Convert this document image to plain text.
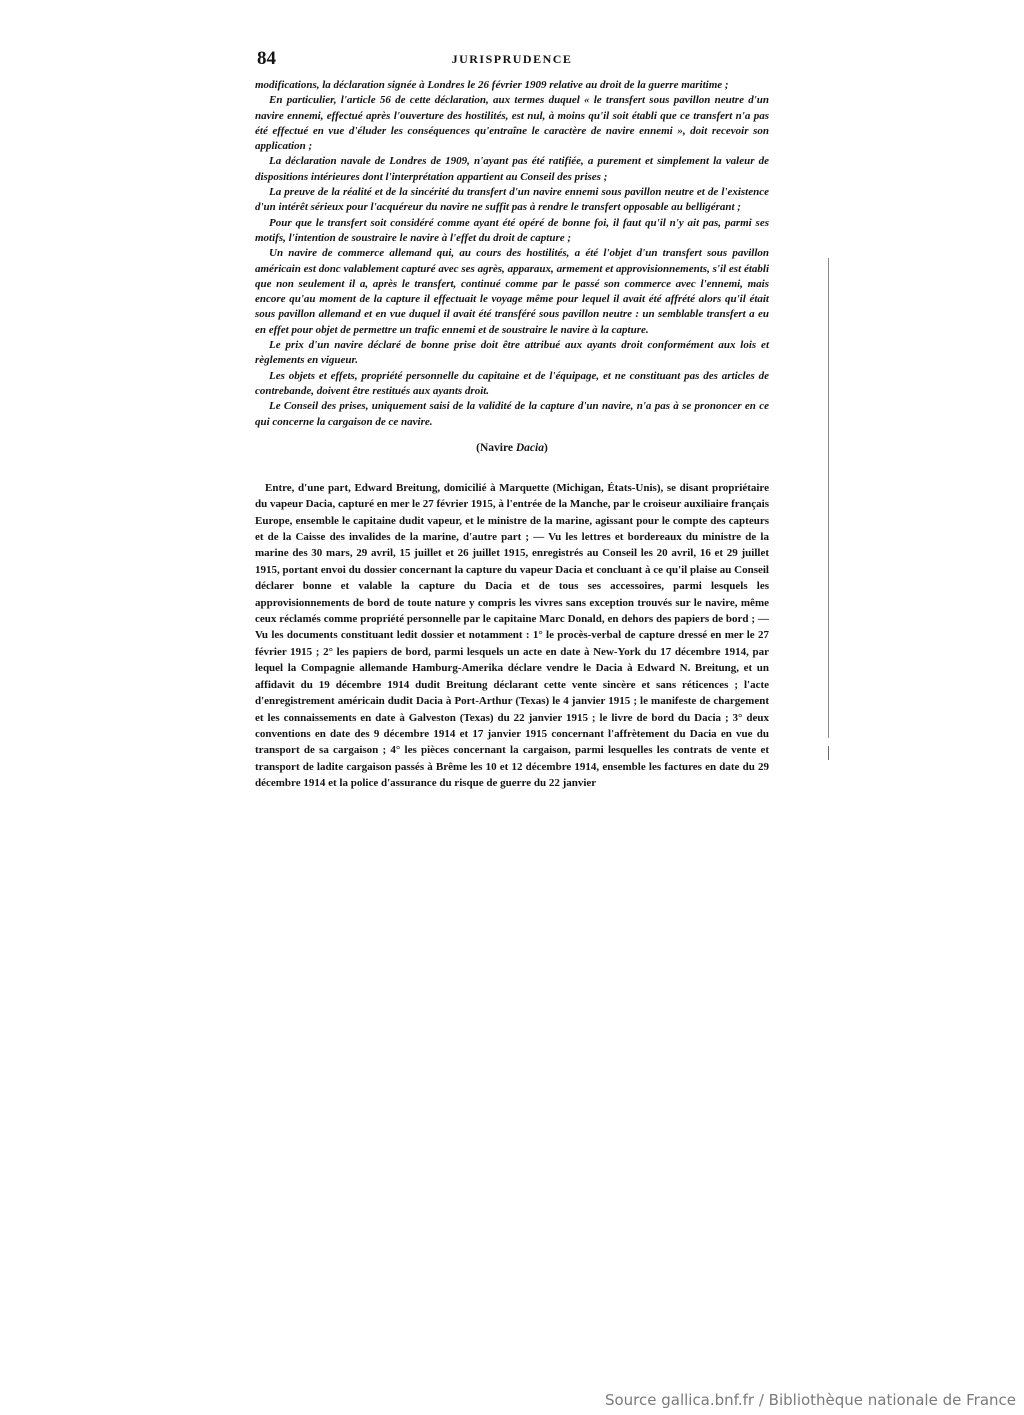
84	JURISPRUDENCE

modifications, la déclaration signée à Londres le 26 février 1909 relative au droit de la guerre maritime ;

En particulier, l'article 56 de cette déclaration, aux termes duquel « le transfert sous pavillon neutre d'un navire ennemi, effectué après l'ouverture des hostilités, est nul, à moins qu'il soit établi que ce transfert n'a pas été effectué en vue d'éluder les conséquences qu'entraîne le caractère de navire ennemi », doit recevoir son application ;

La déclaration navale de Londres de 1909, n'ayant pas été ratifiée, a purement et simplement la valeur de dispositions intérieures dont l'interprétation appartient au Conseil des prises ;

La preuve de la réalité et de la sincérité du transfert d'un navire ennemi sous pavillon neutre et de l'existence d'un intérêt sérieux pour l'acquéreur du navire ne suffit pas à rendre le transfert opposable au belligérant ;

Pour que le transfert soit considéré comme ayant été opéré de bonne foi, il faut qu'il n'y ait pas, parmi ses motifs, l'intention de soustraire le navire à l'effet du droit de capture ;

Un navire de commerce allemand qui, au cours des hostilités, a été l'objet d'un transfert sous pavillon américain est donc valablement capturé avec ses agrès, apparaux, armement et approvisionnements, s'il est établi que non seulement il a, après le transfert, continué comme par le passé son commerce avec l'ennemi, mais encore qu'au moment de la capture il effectuait le voyage même pour lequel il avait été affrété alors qu'il était sous pavillon allemand et en vue duquel il avait été transféré sous pavillon neutre : un semblable transfert a eu en effet pour objet de permettre un trafic ennemi et de soustraire le navire à la capture.

Le prix d'un navire déclaré de bonne prise doit être attribué aux ayants droit conformément aux lois et règlements en vigueur.

Les objets et effets, propriété personnelle du capitaine et de l'équipage, et ne constituant pas des articles de contrebande, doivent être restitués aux ayants droit.

Le Conseil des prises, uniquement saisi de la validité de la capture d'un navire, n'a pas à se prononcer en ce qui concerne la cargaison de ce navire.

(Navire Dacia)
Entre, d'une part, Edward Breitung, domicilié à Marquette (Michigan, États-Unis), se disant propriétaire du vapeur Dacia, capturé en mer le 27 février 1915, à l'entrée de la Manche, par le croiseur auxiliaire français Europe, ensemble le capitaine dudit vapeur, et le ministre de la marine, agissant pour le compte des capteurs et de la Caisse des invalides de la marine, d'autre part ; — Vu les lettres et bordereaux du ministre de la marine des 30 mars, 29 avril, 15 juillet et 26 juillet 1915, enregistrés au Conseil les 20 avril, 16 et 29 juillet 1915, portant envoi du dossier concernant la capture du vapeur Dacia et concluant à ce qu'il plaise au Conseil déclarer bonne et valable la capture du Dacia et de tous ses accessoires, parmi lesquels les approvisionnements de bord de toute nature y compris les vivres sans exception trouvés sur le navire, même ceux réclamés comme propriété personnelle par le capitaine Marc Donald, en dehors des papiers de bord ; — Vu les documents constituant ledit dossier et notamment : 1° le procès-verbal de capture dressé en mer le 27 février 1915 ; 2° les papiers de bord, parmi lesquels un acte en date à New-York du 17 décembre 1914, par lequel la Compagnie allemande Hamburg-Amerika déclare vendre le Dacia à Edward N. Breitung, et un affidavit du 19 décembre 1914 dudit Breitung déclarant cette vente sincère et sans réticences ; l'acte d'enregistrement américain dudit Dacia à Port-Arthur (Texas) le 4 janvier 1915 ; le manifeste de chargement et les connaissements en date à Galveston (Texas) du 22 janvier 1915 ; le livre de bord du Dacia ; 3° deux conventions en date des 9 décembre 1914 et 17 janvier 1915 concernant l'affrètement du Dacia en vue du transport de sa cargaison ; 4° les pièces concernant la cargaison, parmi lesquelles les contrats de vente et transport de ladite cargaison passés à Brême les 10 et 12 décembre 1914, ensemble les factures en date du 29 décembre 1914 et la police d'assurance du risque de guerre du 22 janvier
Source gallica.bnf.fr / Bibliothèque nationale de France
